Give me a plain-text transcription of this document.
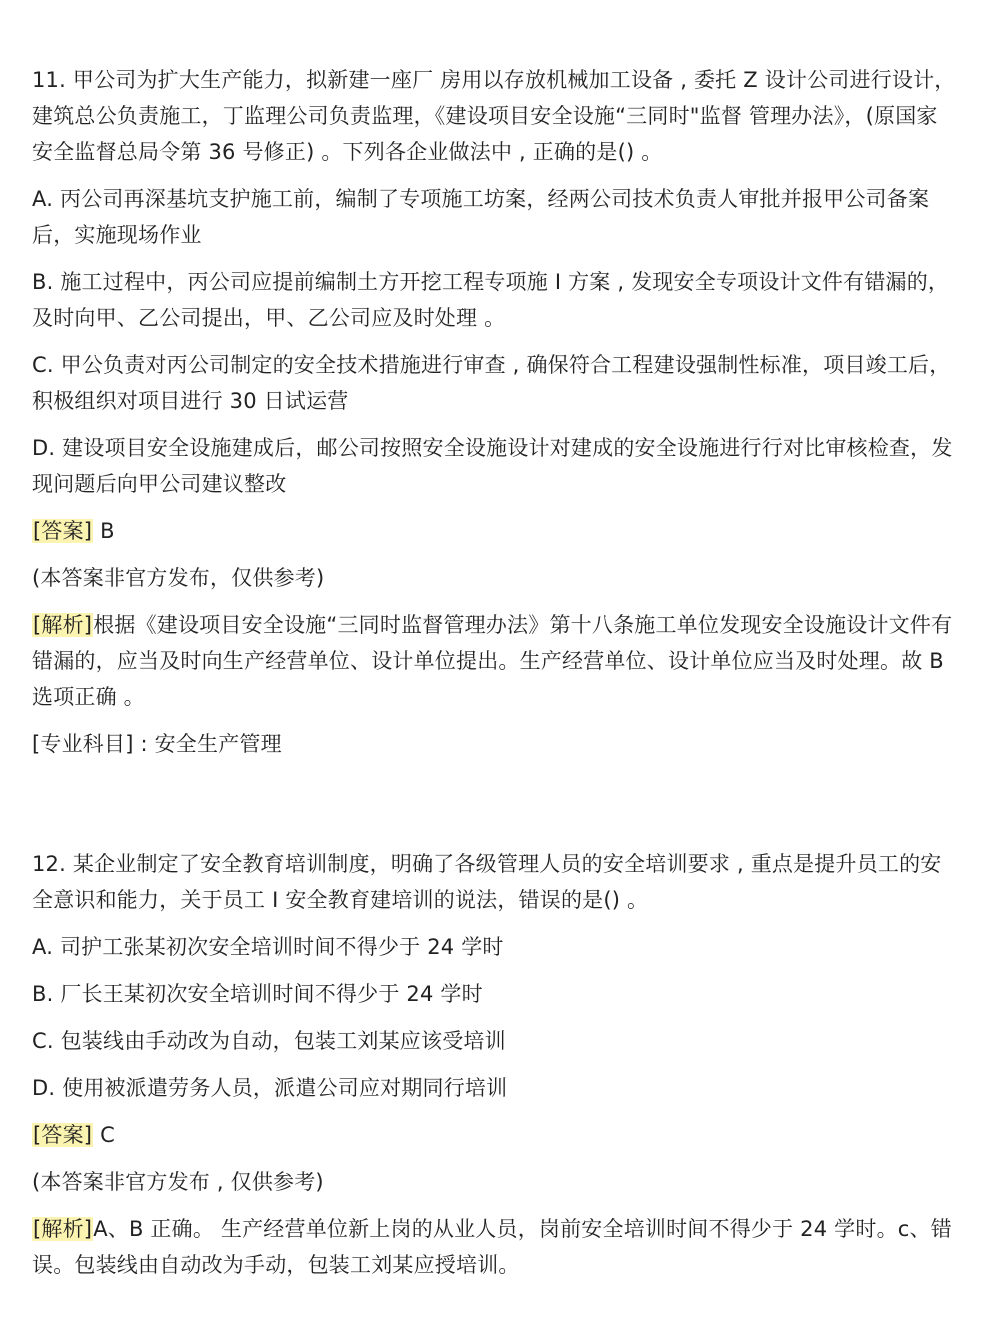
11. 甲公司为扩大生产能力，拟新建一座厂 房用以存放机械加工设备 , 委托 Z 设计公司进行设计，建筑总公负责施工，丁监理公司负责监理，《建设项目安全设施“三同时"监督 管理办法》，(原国家安全监督总局令第 36 号修正) 。下列各企业做法中 , 正确的是() 。

A. 丙公司再深基坑支护施工前，编制了专项施工坊案，经两公司技术负责人审批并报甲公司备案后，实施现场作业

B. 施工过程中，丙公司应提前编制土方开挖工程专项施 I 方案 , 发现安全专项设计文件有错漏的，及时向甲、乙公司提出，甲、乙公司应及时处理 。

C. 甲公负责对丙公司制定的安全技术措施进行审查 , 确保符合工程建设强制性标准，项目竣工后，积极组织对项目进行 30 日试运营

D. 建设项目安全设施建成后，邮公司按照安全设施设计对建成的安全设施进行行对比审核检查，发现问题后向甲公司建议整改

[答案] B

(本答案非官方发布，仅供参考)

[解析]根据《建设项目安全设施“三同时监督管理办法》第十八条施工单位发现安全设施设计文件有错漏的，应当及时向生产经营单位、设计单位提出。生产经营单位、设计单位应当及时处理。故 B 选项正确 。

[专业科目] : 安全生产管理

12. 某企业制定了安全教育培训制度，明确了各级管理人员的安全培训要求 , 重点是提升员工的安全意识和能力，关于员工 I 安全教育建培训的说法，错误的是() 。

A. 司护工张某初次安全培训时间不得少于 24 学时

B. 厂长王某初次安全培训时间不得少于 24 学时

C. 包装线由手动改为自动，包装工刘某应该受培训

D. 使用被派遣劳务人员，派遣公司应对期同行培训

[答案] C

(本答案非官方发布 , 仅供参考)

[解析]A、B 正确。 生产经营单位新上岗的从业人员，岗前安全培训时间不得少于 24 学时。c、错误。包装线由自动改为手动，包装工刘某应授培训。
